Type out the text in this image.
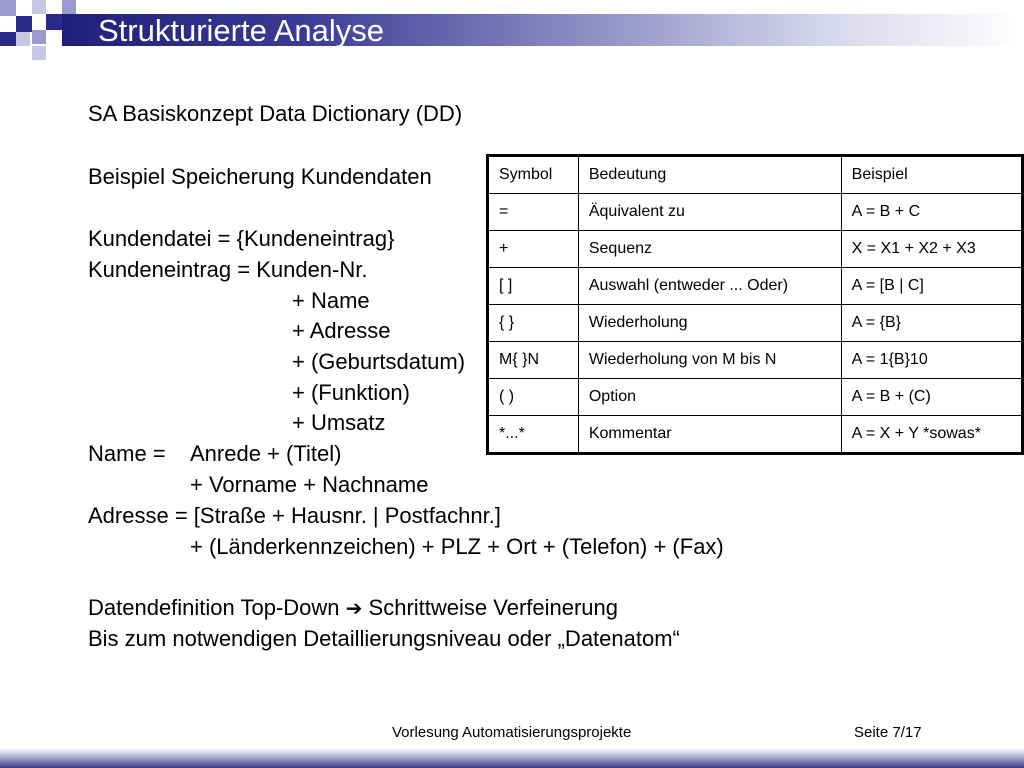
Strukturierte Analyse
SA Basiskonzept Data Dictionary (DD)
Beispiel Speicherung Kundendaten
Kundendatei = {Kundeneintrag}
Kundeneintrag = Kunden-Nr.
+ Name
+ Adresse
+ (Geburtsdatum)
+ (Funktion)
+ Umsatz
Name = Anrede + (Titel)
+ Vorname + Nachname
Adresse = [Straße + Hausnr. | Postfachnr.]
+ (Länderkennzeichen) + PLZ + Ort + (Telefon) + (Fax)
Datendefinition Top-Down ➔ Schrittweise Verfeinerung
Bis zum notwendigen Detaillierungsniveau oder „Datenatom“
Symbol	Bedeutung	Beispiel
=	Äquivalent zu	A = B + C
+	Sequenz	X = X1 + X2 + X3
[ ]	Auswahl (entweder ... Oder)	A = [B | C]
{ }	Wiederholung	A = {B}
M{ }N	Wiederholung von M bis N	A = 1{B}10
( )	Option	A = B + (C)
*...*	Kommentar	A = X + Y *sowas*
Vorlesung Automatisierungsprojekte	Seite 7/17
